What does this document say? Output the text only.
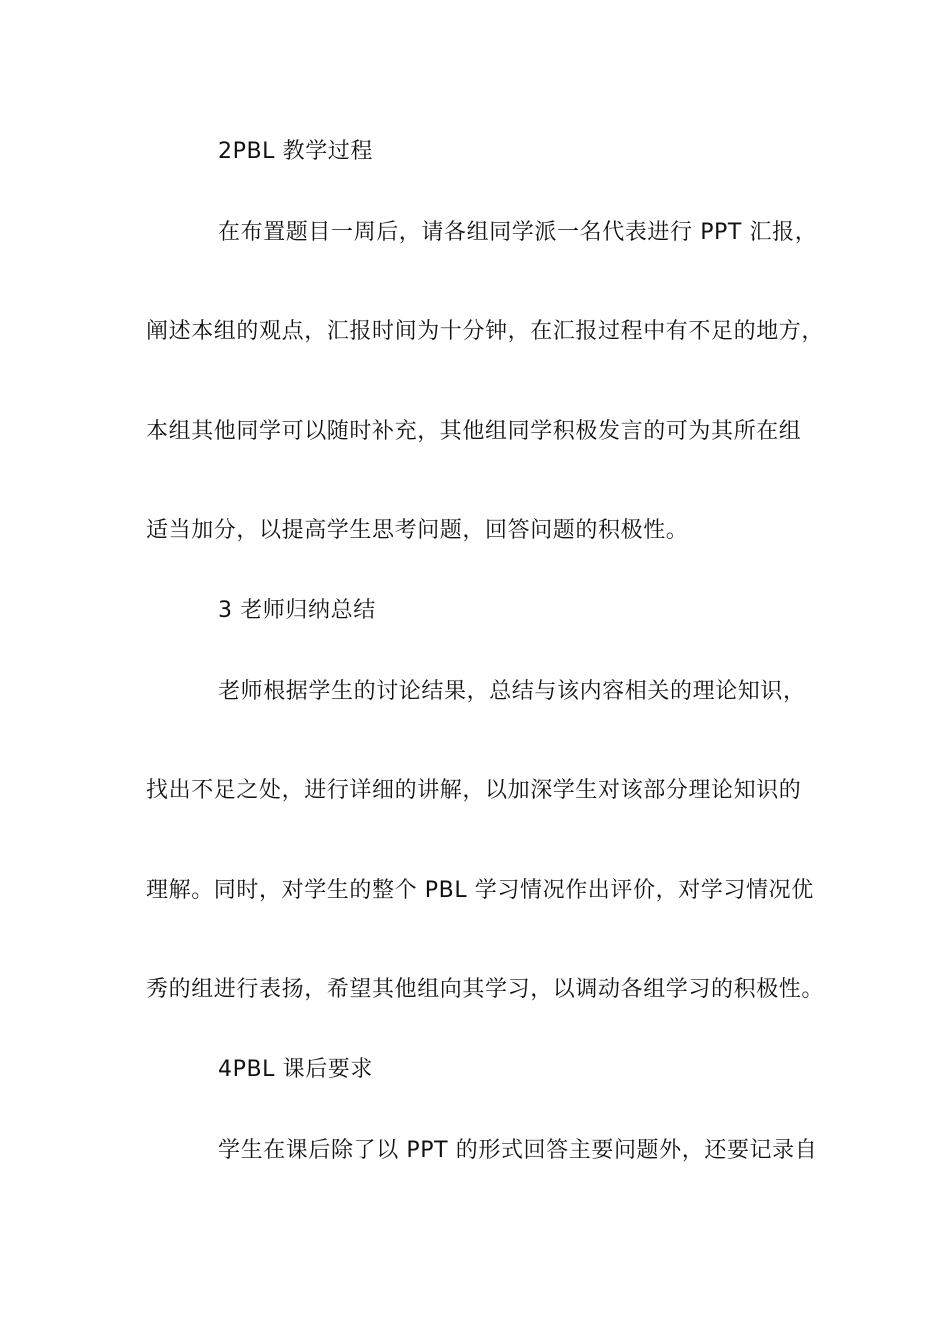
2PBL 教学过程
在布置题目一周后，请各组同学派一名代表进行 PPT 汇报，
阐述本组的观点，汇报时间为十分钟，在汇报过程中有不足的地方，
本组其他同学可以随时补充，其他组同学积极发言的可为其所在组
适当加分，以提高学生思考问题，回答问题的积极性。
3 老师归纳总结
老师根据学生的讨论结果，总结与该内容相关的理论知识，
找出不足之处，进行详细的讲解，以加深学生对该部分理论知识的
理解。同时，对学生的整个 PBL 学习情况作出评价，对学习情况优
秀的组进行表扬，希望其他组向其学习，以调动各组学习的积极性。
4PBL 课后要求
学生在课后除了以 PPT 的形式回答主要问题外，还要记录自
